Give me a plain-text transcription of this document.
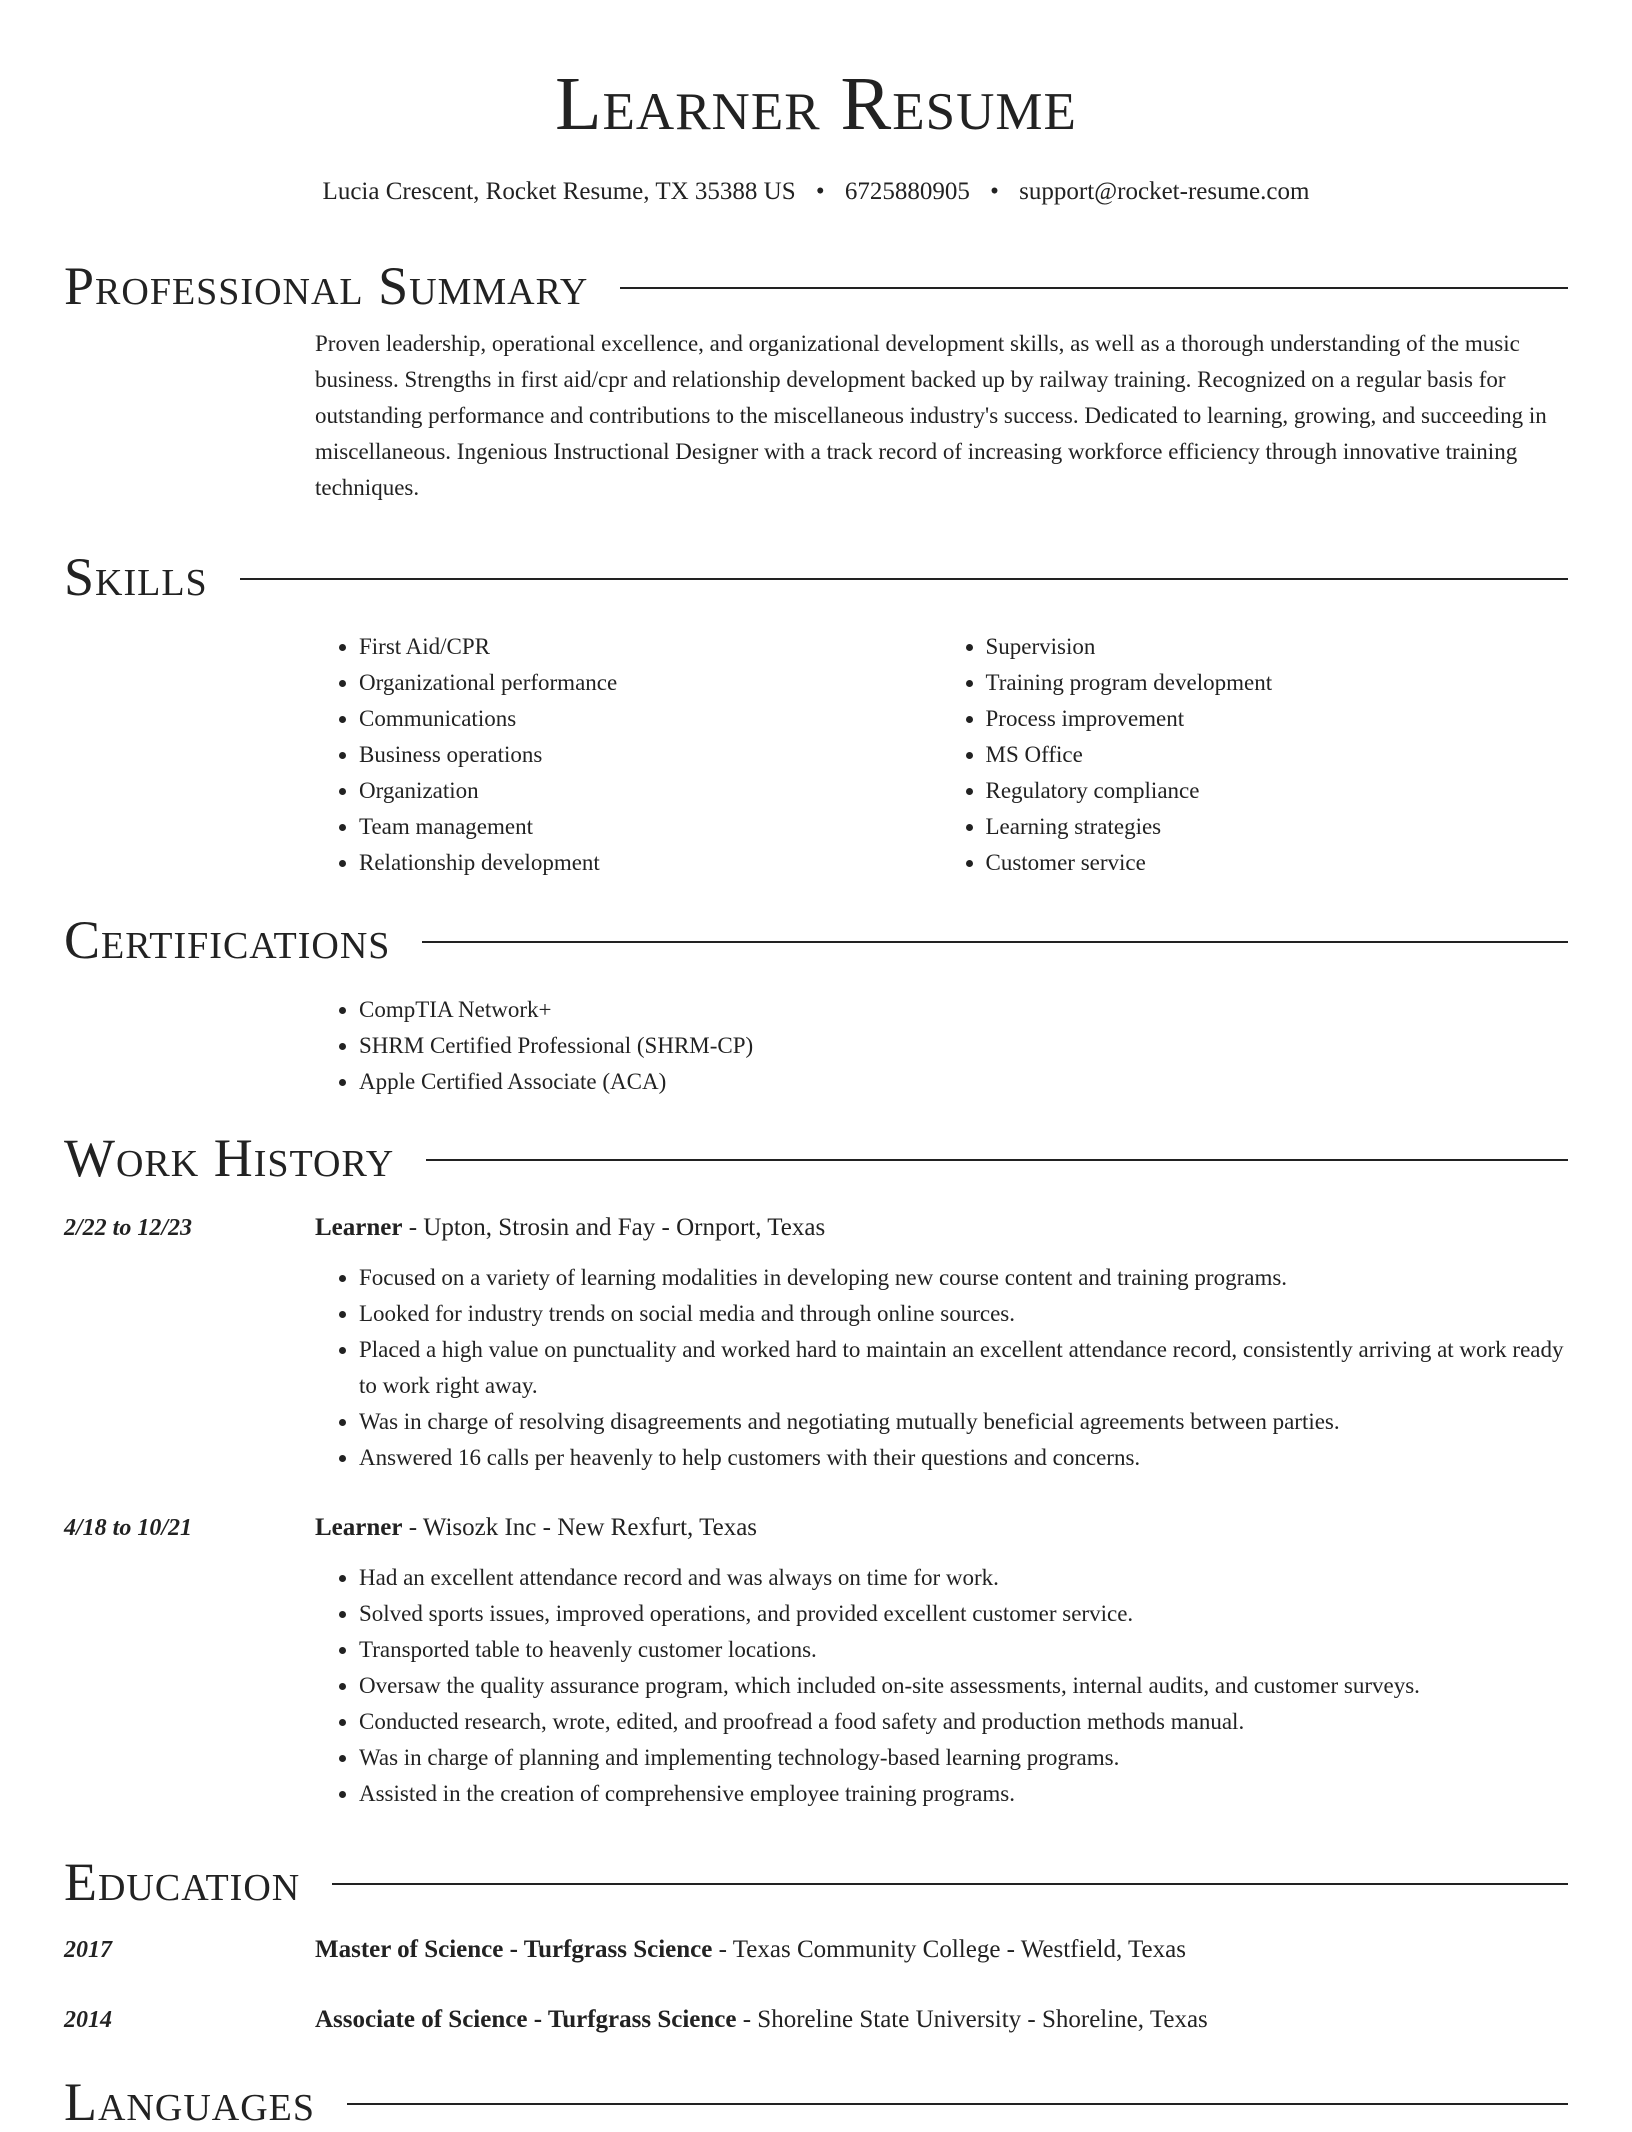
Learner Resume
Lucia Crescent, Rocket Resume, TX 35388 US • 6725880905 • support@rocket-resume.com
Professional Summary

Proven leadership, operational excellence, and organizational development skills, as well as a thorough understanding of the music business. Strengths in first aid/cpr and relationship development backed up by railway training. Recognized on a regular basis for outstanding performance and contributions to the miscellaneous industry's success. Dedicated to learning, growing, and succeeding in miscellaneous. Ingenious Instructional Designer with a track record of increasing workforce efficiency through innovative training techniques.

Skills
• First Aid/CPR
• Organizational performance
• Communications
• Business operations
• Organization
• Team management
• Relationship development
• Supervision
• Training program development
• Process improvement
• MS Office
• Regulatory compliance
• Learning strategies
• Customer service
Certifications
• CompTIA Network+
• SHRM Certified Professional (SHRM-CP)
• Apple Certified Associate (ACA)
Work History
2/22 to 12/23	Learner - Upton, Strosin and Fay - Ornport, Texas
• Focused on a variety of learning modalities in developing new course content and training programs.
• Looked for industry trends on social media and through online sources.
• Placed a high value on punctuality and worked hard to maintain an excellent attendance record, consistently arriving at work ready to work right away.
• Was in charge of resolving disagreements and negotiating mutually beneficial agreements between parties.
• Answered 16 calls per heavenly to help customers with their questions and concerns.
4/18 to 10/21	Learner - Wisozk Inc - New Rexfurt, Texas
• Had an excellent attendance record and was always on time for work.
• Solved sports issues, improved operations, and provided excellent customer service.
• Transported table to heavenly customer locations.
• Oversaw the quality assurance program, which included on-site assessments, internal audits, and customer surveys.
• Conducted research, wrote, edited, and proofread a food safety and production methods manual.
• Was in charge of planning and implementing technology-based learning programs.
• Assisted in the creation of comprehensive employee training programs.
Education
2017	Master of Science - Turfgrass Science - Texas Community College - Westfield, Texas
2014	Associate of Science - Turfgrass Science - Shoreline State University - Shoreline, Texas
Languages
